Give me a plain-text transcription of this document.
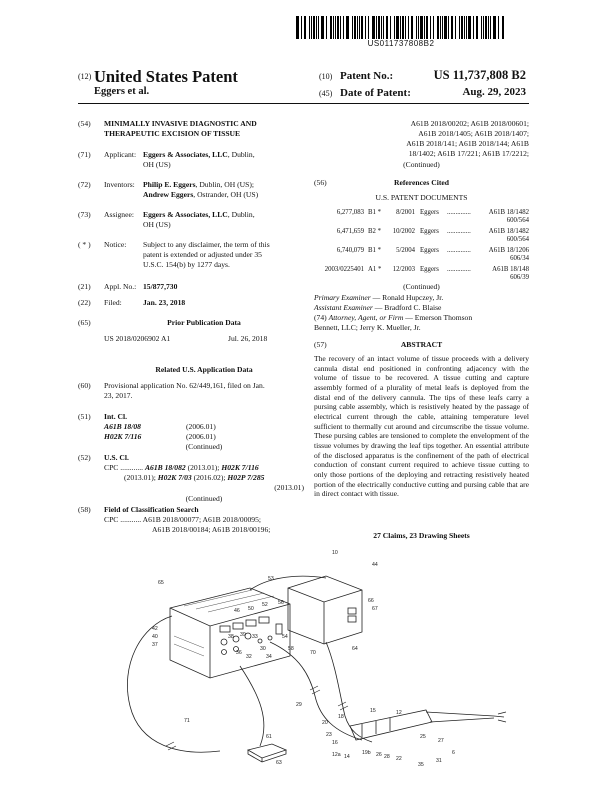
US011737808B2
(12) United States Patent
Eggers et al.
(10) Patent No.:	US 11,737,808 B2
(45) Date of Patent:	Aug. 29, 2023
(54) MINIMALLY INVASIVE DIAGNOSTIC AND
THERAPEUTIC EXCISION OF TISSUE
(71) Applicant: Eggers & Associates, LLC, Dublin,
OH (US)
(72) Inventors: Philip E. Eggers, Dublin, OH (US);
Andrew Eggers, Ostrander, OH (US)
(73) Assignee: Eggers & Associates, LLC, Dublin,
OH (US)
( * ) Notice: Subject to any disclaimer, the term of this
patent is extended or adjusted under 35
U.S.C. 154(b) by 1277 days.
(21) Appl. No.: 15/877,730
(22) Filed:	Jan. 23, 2018
(65)	Prior Publication Data
US 2018/0206902 A1	Jul. 26, 2018
Related U.S. Application Data
(60) Provisional application No. 62/449,161, filed on Jan.
23, 2017.
(51) Int. Cl.
A61B 18/08	(2006.01)
H02K 7/116	(2006.01)
(Continued)
(52) U.S. Cl.
CPC ............ A61B 18/082 (2013.01); H02K 7/116
(2013.01); H02K 7/03 (2016.02); H02P 7/285
(2013.01)
(Continued)
(58) Field of Classification Search
CPC ........... A61B 2018/00077; A61B 2018/00095;
A61B 2018/00184; A61B 2018/00196;
A61B 2018/00202; A61B 2018/00601;
A61B 2018/1405; A61B 2018/1407;
A61B 2018/141; A61B 2018/144; A61B
18/1402; A61B 17/221; A61B 17/2212;
(Continued)
(56)	References Cited
U.S. PATENT DOCUMENTS
6,277,083 B1 *	8/2001 Eggers	..............	A61B 18/1482
600/564
6,471,659 B2 *	10/2002 Eggers	..............	A61B 18/1482
600/564
6,740,079 B1 *	5/2004 Eggers	..............	A61B 18/1206
606/34
2003/0225401 A1 *	12/2003 Eggers	..............	A61B 18/148
606/39
(Continued)
Primary Examiner — Ronald Hupczey, Jr.
Assistant Examiner — Bradford C. Blaise
(74) Attorney, Agent, or Firm — Emerson Thomson
Bennett, LLC; Jerry K. Mueller, Jr.
(57)	ABSTRACT
The recovery of an intact volume of tissue proceeds with a delivery cannula distal end positioned in confronting adjacency with the volume of tissue to be recovered. A tissue cutting and capture assembly formed of a plurality of metal leafs is deployed from the distal end of the delivery cannula. The tips of these leafs carry a pursing cable assembly, which is resistively heated by the passage of electrical current through the cable, attaining temperature level sufficient to thermally cut around and circumscribe the tissue volume. These pursing cables are tensioned to complete the envelopment of the tissue volumes by drawing the leaf tips together. An essential attribute of the disclosed apparatus is the confinement of the path of electrical conduction of constant current required to achieve tissue cutting to only those portions of the deploying and retracting resistively heated portion of the electrically conductive cutting and pursing cable that are in direct contact with tissue.
27 Claims, 23 Drawing Sheets
10
65
53
44
66
67
46 50
52 56
42
40
37
38 39 33
36
32
54
30
34
58
70
64
71
29
61
63
20
18
15	12
23
16
12a 14
19b 26 28 22
25
27
35
31
6
